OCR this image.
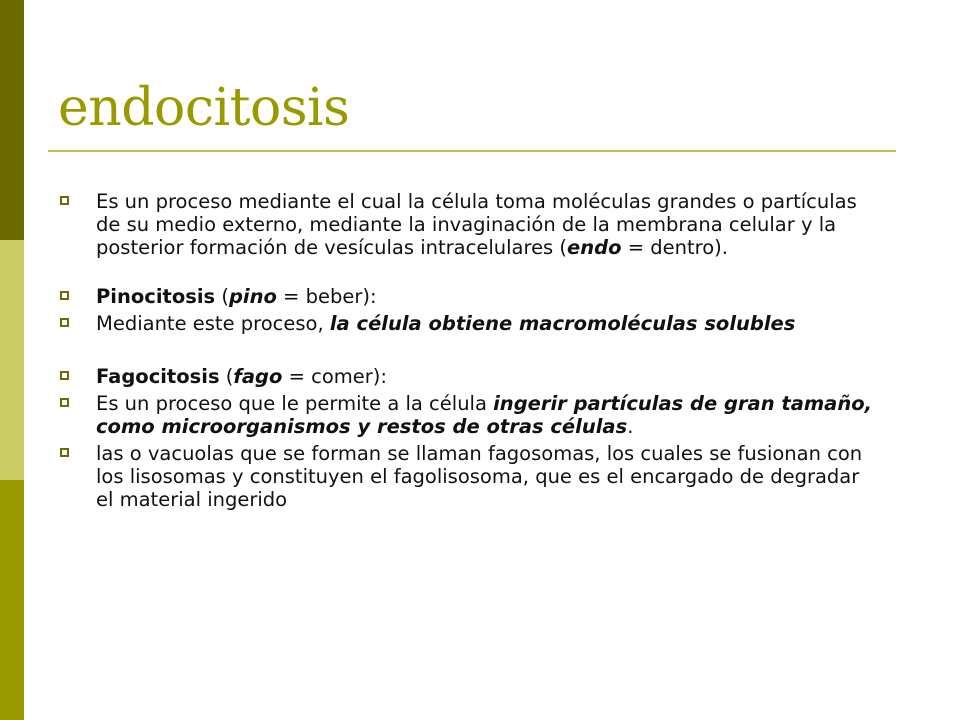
endocitosis
Es un proceso mediante el cual la célula toma moléculas grandes o partículas de su medio externo, mediante la invaginación de la membrana celular y la posterior formación de vesículas intracelulares (endo = dentro).
Pinocitosis (pino = beber):
Mediante este proceso, la célula obtiene macromoléculas solubles
Fagocitosis (fago = comer):
Es un proceso que le permite a la célula ingerir partículas de gran tamaño, como microorganismos y restos de otras células.
las o vacuolas que se forman se llaman fagosomas, los cuales se fusionan con los lisosomas y constituyen el fagolisosoma, que es el encargado de degradar el material ingerido
